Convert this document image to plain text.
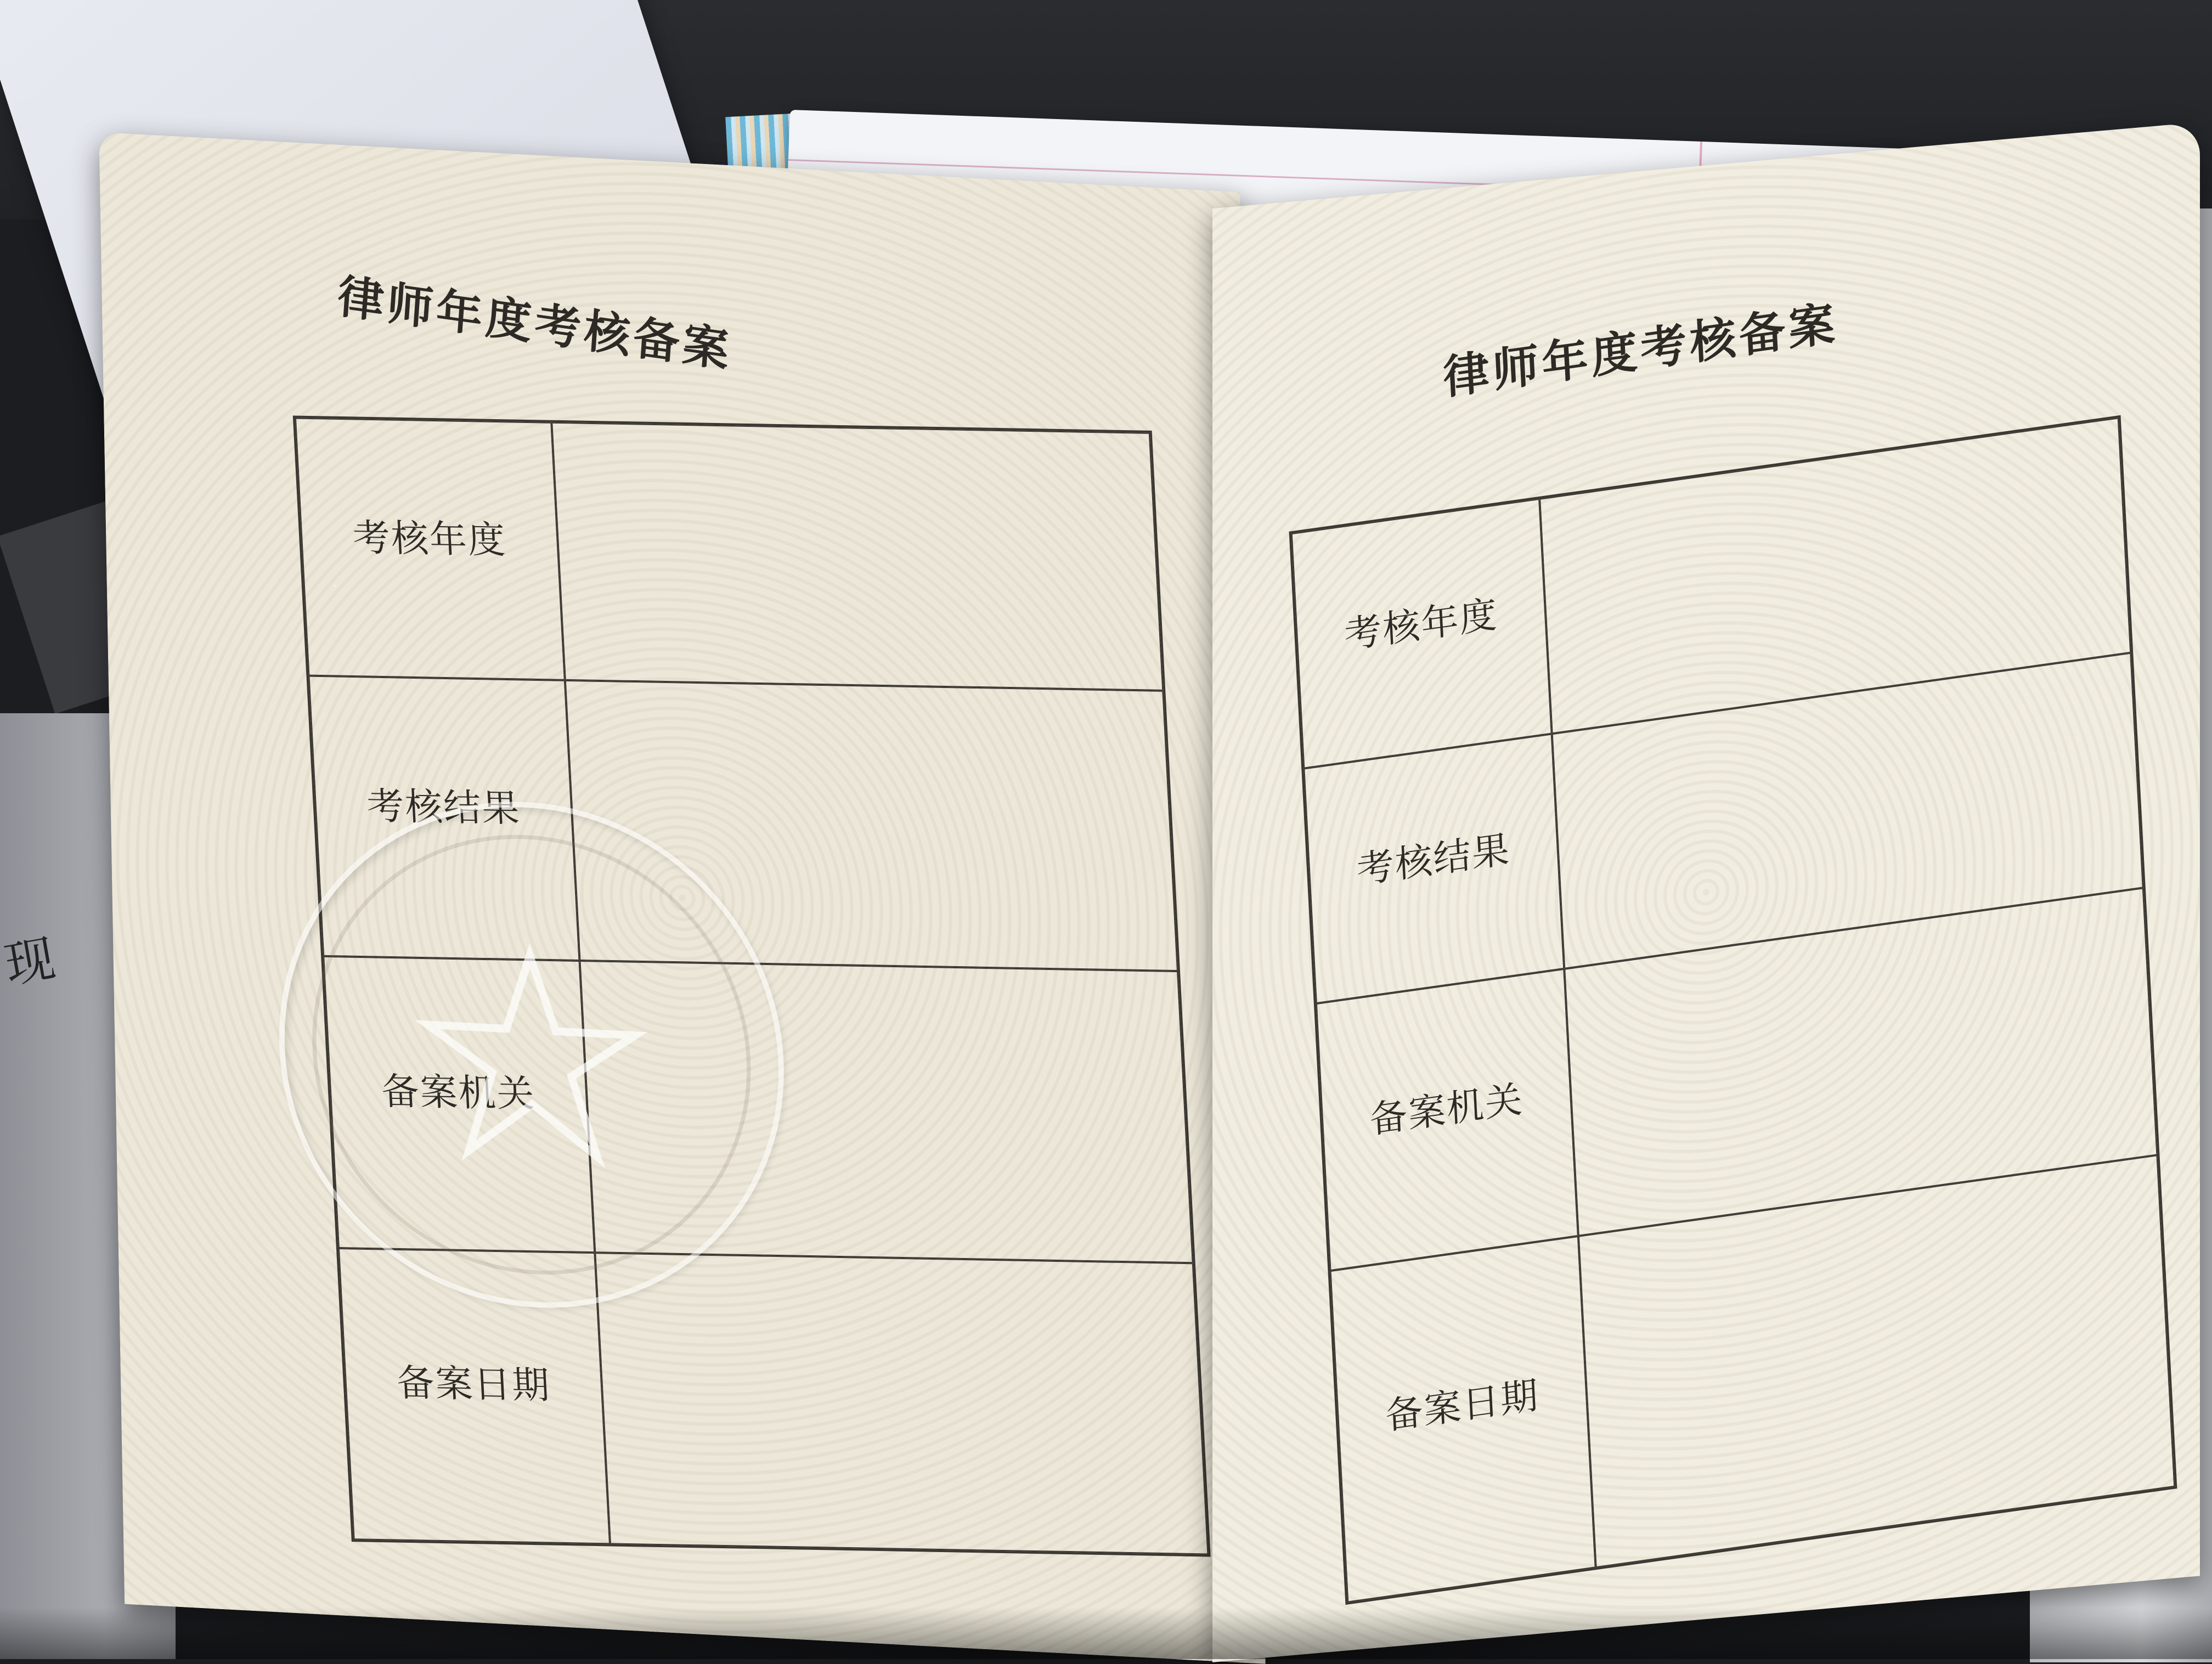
现
律师年度考核备案
考核年度
考核结果
备案机关
备案日期
律师年度考核备案
考核年度
考核结果
备案机关
备案日期
